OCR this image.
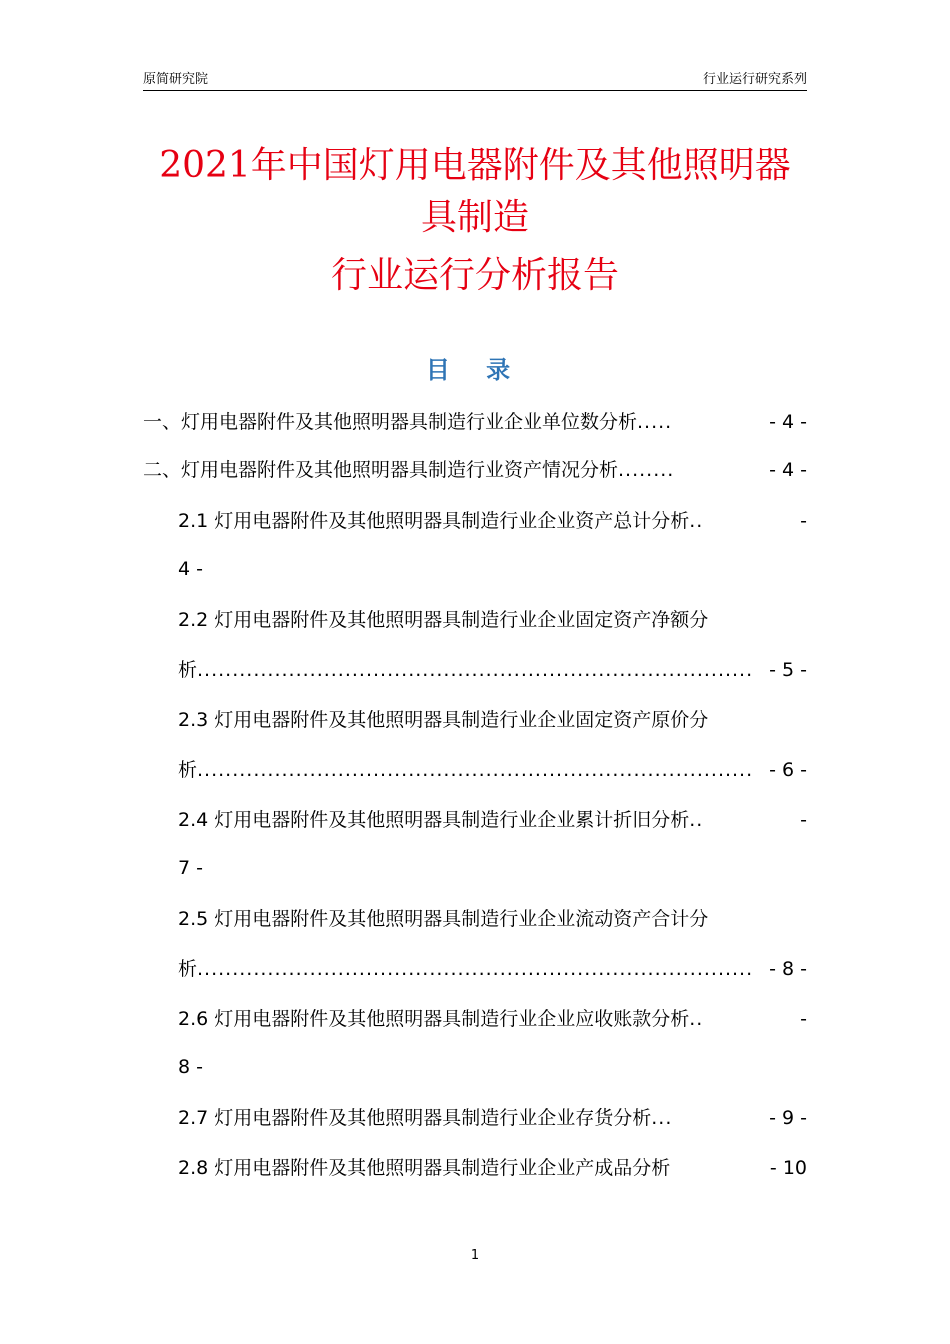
原简研究院	行业运行研究系列
2021年中国灯用电器附件及其他照明器
具制造
行业运行分析报告
目 录
一、灯用电器附件及其他照明器具制造行业企业单位数分析 .....	- 4 -
二、灯用电器附件及其他照明器具制造行业资产情况分析 ........	- 4 -
2.1 灯用电器附件及其他照明器具制造行业企业资产总计分析 ..	-
4 -
2.2 灯用电器附件及其他照明器具制造行业企业固定资产净额分
析 ............................................................................... - 5 -
2.3 灯用电器附件及其他照明器具制造行业企业固定资产原价分
析 ............................................................................... - 6 -
2.4 灯用电器附件及其他照明器具制造行业企业累计折旧分析 ..	-
7 -
2.5 灯用电器附件及其他照明器具制造行业企业流动资产合计分
析 ............................................................................... - 8 -
2.6 灯用电器附件及其他照明器具制造行业企业应收账款分析 ..	-
8 -
2.7 灯用电器附件及其他照明器具制造行业企业存货分析 ...	- 9 -
2.8 灯用电器附件及其他照明器具制造行业企业产成品分析	- 10
1
